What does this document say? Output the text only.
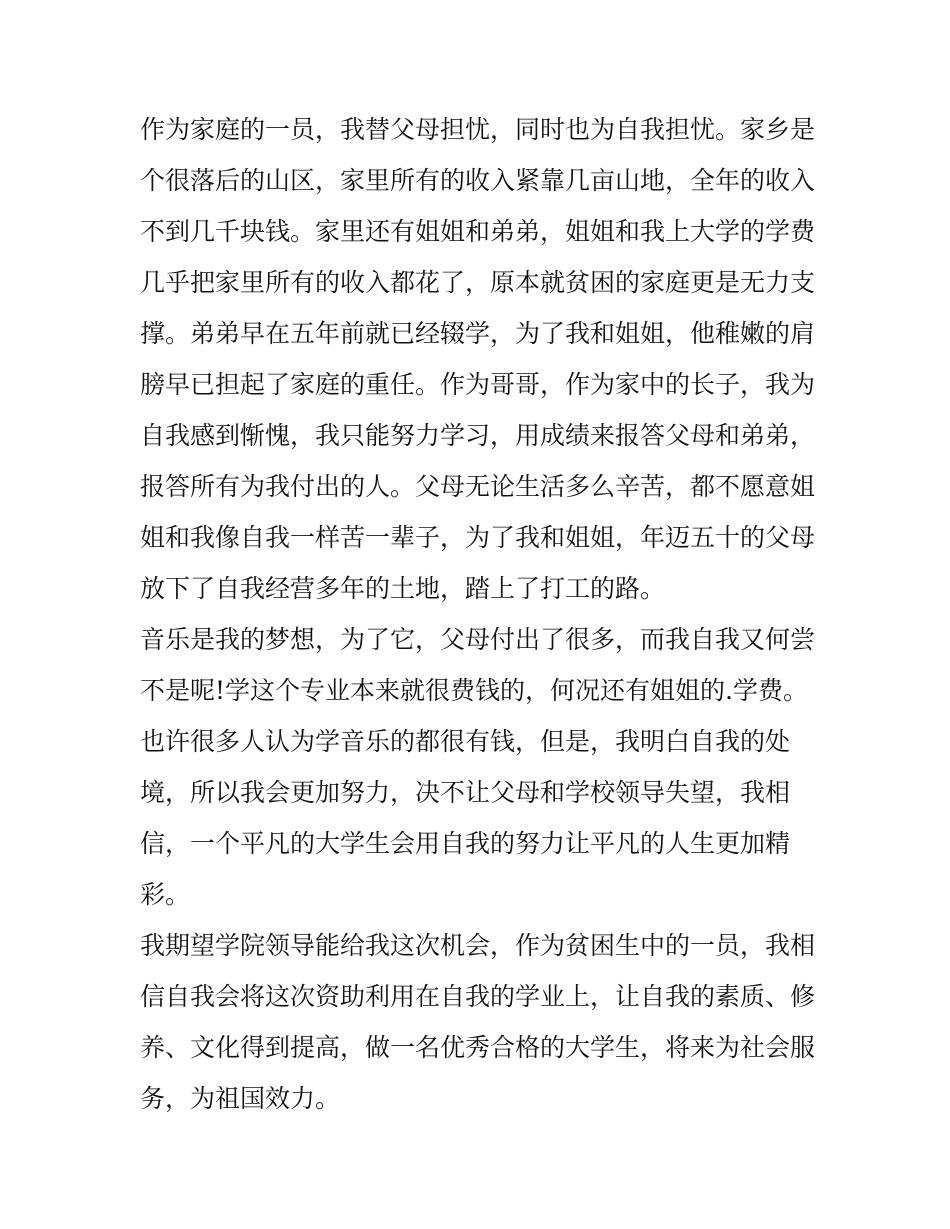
作为家庭的一员，我替父母担忧，同时也为自我担忧。家乡是
个很落后的山区，家里所有的收入紧靠几亩山地，全年的收入
不到几千块钱。家里还有姐姐和弟弟，姐姐和我上大学的学费
几乎把家里所有的收入都花了，原本就贫困的家庭更是无力支
撑。弟弟早在五年前就已经辍学，为了我和姐姐，他稚嫩的肩
膀早已担起了家庭的重任。作为哥哥，作为家中的长子，我为
自我感到惭愧，我只能努力学习，用成绩来报答父母和弟弟，
报答所有为我付出的人。父母无论生活多么辛苦，都不愿意姐
姐和我像自我一样苦一辈子，为了我和姐姐，年迈五十的父母
放下了自我经营多年的土地，踏上了打工的路。
音乐是我的梦想，为了它，父母付出了很多，而我自我又何尝
不是呢!学这个专业本来就很费钱的，何况还有姐姐的.学费。
也许很多人认为学音乐的都很有钱，但是，我明白自我的处
境，所以我会更加努力，决不让父母和学校领导失望，我相
信，一个平凡的大学生会用自我的努力让平凡的人生更加精
彩。
我期望学院领导能给我这次机会，作为贫困生中的一员，我相
信自我会将这次资助利用在自我的学业上，让自我的素质、修
养、文化得到提高，做一名优秀合格的大学生，将来为社会服
务，为祖国效力。
